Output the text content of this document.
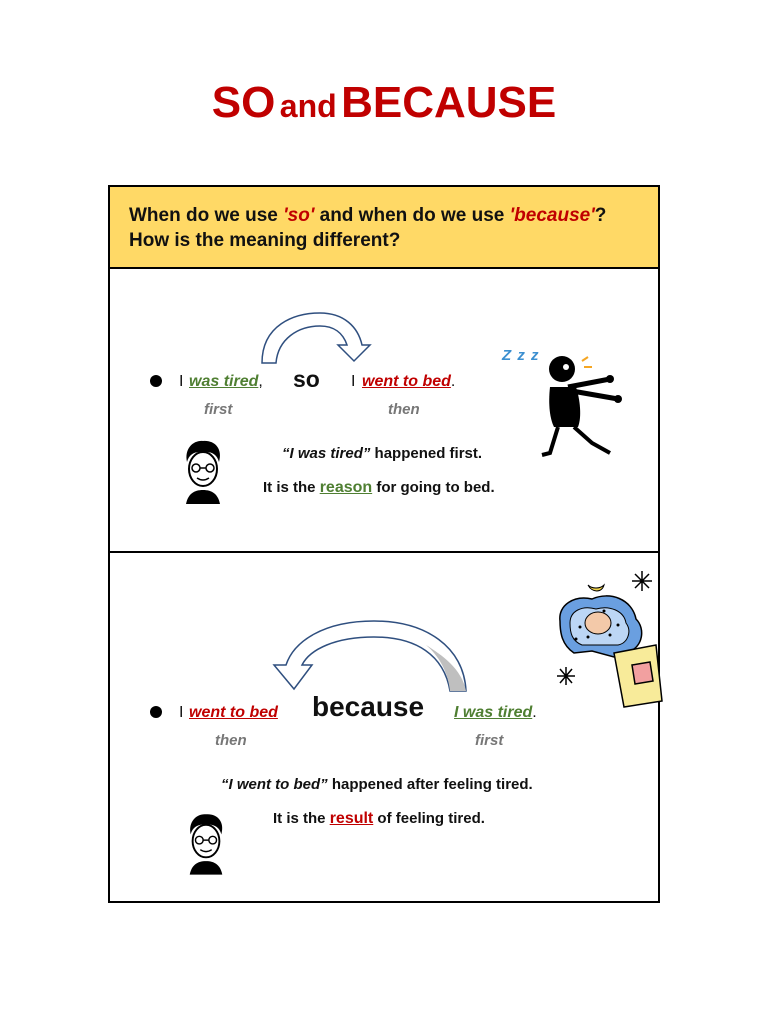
SO and BECAUSE
When do we use 'so' and when do we use 'because'?
How is the meaning different?
I was tired, so I went to bed.
first	then
“I was tired” happened first.
It is the reason for going to bed.
Z z z
I went to bed because I was tired.
then	first
“I went to bed” happened after feeling tired.
It is the result of feeling tired.
